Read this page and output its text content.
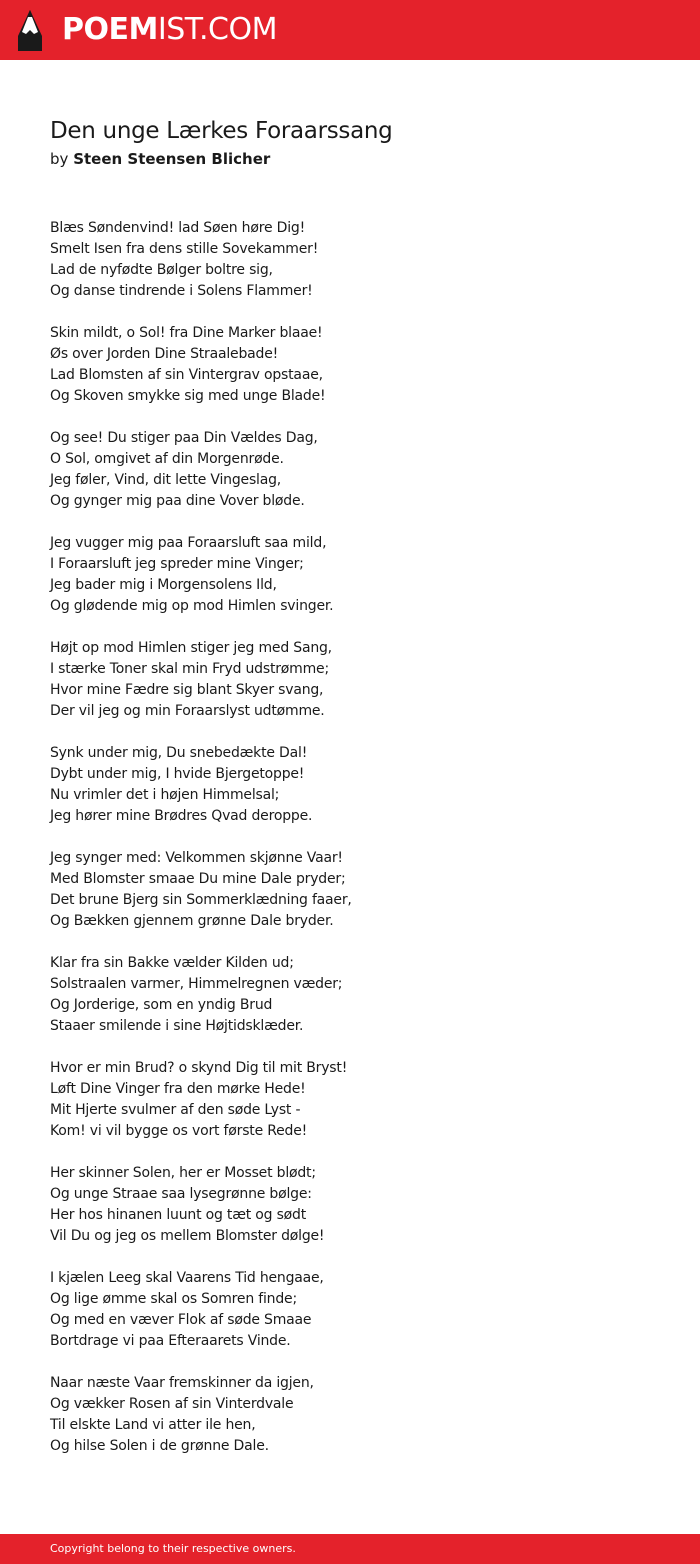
POEMIST.COM
Den unge Lærkes Foraarssang
by Steen Steensen Blicher
Blæs Søndenvind! lad Søen høre Dig!
Smelt Isen fra dens stille Sovekammer!
Lad de nyfødte Bølger boltre sig,
Og danse tindrende i Solens Flammer!
Skin mildt, o Sol! fra Dine Marker blaae!
Øs over Jorden Dine Straalebade!
Lad Blomsten af sin Vintergrav opstaae,
Og Skoven smykke sig med unge Blade!
Og see! Du stiger paa Din Vældes Dag,
O Sol, omgivet af din Morgenrøde.
Jeg føler, Vind, dit lette Vingeslag,
Og gynger mig paa dine Vover bløde.
Jeg vugger mig paa Foraarsluft saa mild,
I Foraarsluft jeg spreder mine Vinger;
Jeg bader mig i Morgensolens Ild,
Og glødende mig op mod Himlen svinger.
Højt op mod Himlen stiger jeg med Sang,
I stærke Toner skal min Fryd udstrømme;
Hvor mine Fædre sig blant Skyer svang,
Der vil jeg og min Foraarslyst udtømme.
Synk under mig, Du snebedækte Dal!
Dybt under mig, I hvide Bjergetoppe!
Nu vrimler det i højen Himmelsal;
Jeg hører mine Brødres Qvad deroppe.
Jeg synger med: Velkommen skjønne Vaar!
Med Blomster smaae Du mine Dale pryder;
Det brune Bjerg sin Sommerklædning faaer,
Og Bækken gjennem grønne Dale bryder.
Klar fra sin Bakke vælder Kilden ud;
Solstraalen varmer, Himmelregnen væder;
Og Jorderige, som en yndig Brud
Staaer smilende i sine Højtidsklæder.
Hvor er min Brud? o skynd Dig til mit Bryst!
Løft Dine Vinger fra den mørke Hede!
Mit Hjerte svulmer af den søde Lyst -
Kom! vi vil bygge os vort første Rede!
Her skinner Solen, her er Mosset blødt;
Og unge Straae saa lysegrønne bølge:
Her hos hinanen luunt og tæt og sødt
Vil Du og jeg os mellem Blomster dølge!
I kjælen Leeg skal Vaarens Tid hengaae,
Og lige ømme skal os Somren finde;
Og med en væver Flok af søde Smaae
Bortdrage vi paa Efteraarets Vinde.
Naar næste Vaar fremskinner da igjen,
Og vækker Rosen af sin Vinterdvale
Til elskte Land vi atter ile hen,
Og hilse Solen i de grønne Dale.
Copyright belong to their respective owners.
